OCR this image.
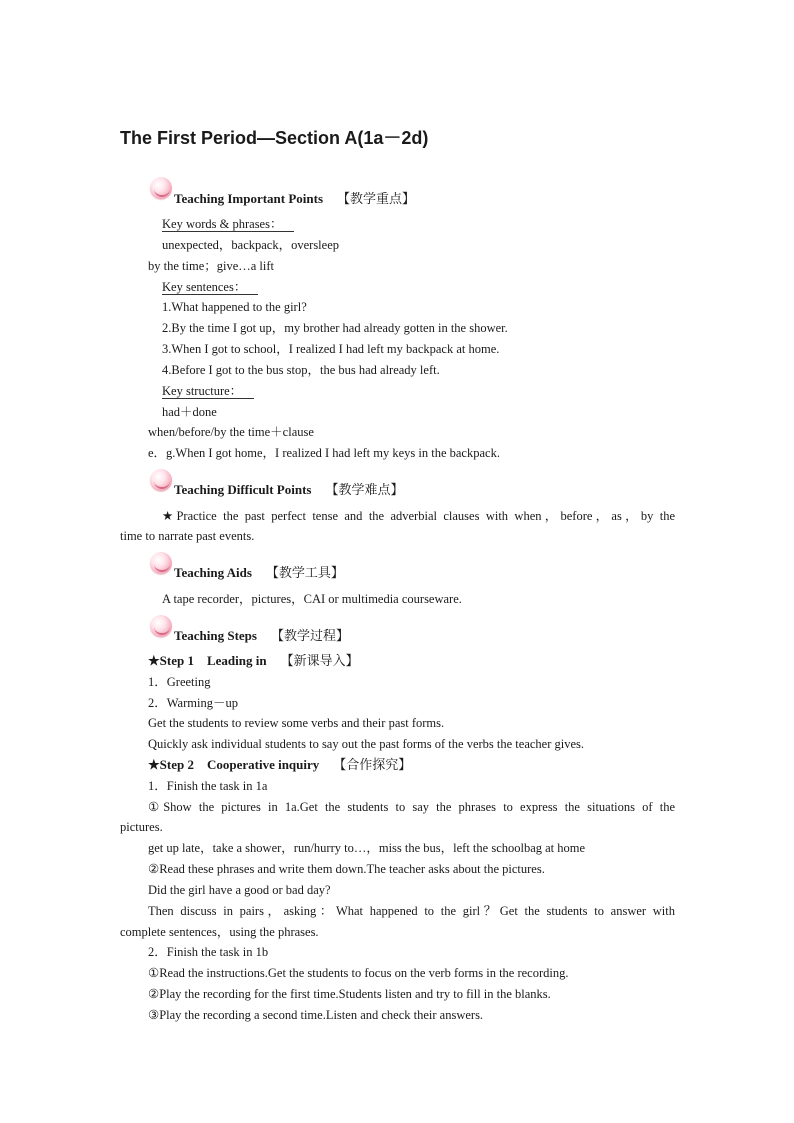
The First Period—Section A(1a－2d)
Teaching Important Points 【教学重点】
Key words & phrases：
unexpected，backpack，oversleep
by the time；give…a lift
Key sentences：
1.What happened to the girl?
2.By the time I got up，my brother had already gotten in the shower.
3.When I got to school，I realized I had left my backpack at home.
4.Before I got to the bus stop，the bus had already left.
Key structure：
had＋done
when/before/by the time＋clause
e．g.When I got home，I realized I had left my keys in the backpack.
Teaching Difficult Points 【教学难点】
★Practice the past perfect tense and the adverbial clauses with when，before，as，by the
time to narrate past events.
Teaching Aids 【教学工具】
A tape recorder，pictures，CAI or multimedia courseware.
Teaching Steps 【教学过程】
★Step 1　Leading in 【新课导入】
1．Greeting
2．Warming－up
Get the students to review some verbs and their past forms.
Quickly ask individual students to say out the past forms of the verbs the teacher gives.
★Step 2　Cooperative inquiry 【合作探究】
1．Finish the task in 1a
①Show the pictures in 1a.Get the students to say the phrases to express the situations of the
pictures.
get up late，take a shower，run/hurry to…，miss the bus，left the schoolbag at home
②Read these phrases and write them down.The teacher asks about the pictures.
Did the girl have a good or bad day?
Then discuss in pairs，asking：What happened to the girl？Get the students to answer with
complete sentences，using the phrases.
2．Finish the task in 1b
①Read the instructions.Get the students to focus on the verb forms in the recording.
②Play the recording for the first time.Students listen and try to fill in the blanks.
③Play the recording a second time.Listen and check their answers.
